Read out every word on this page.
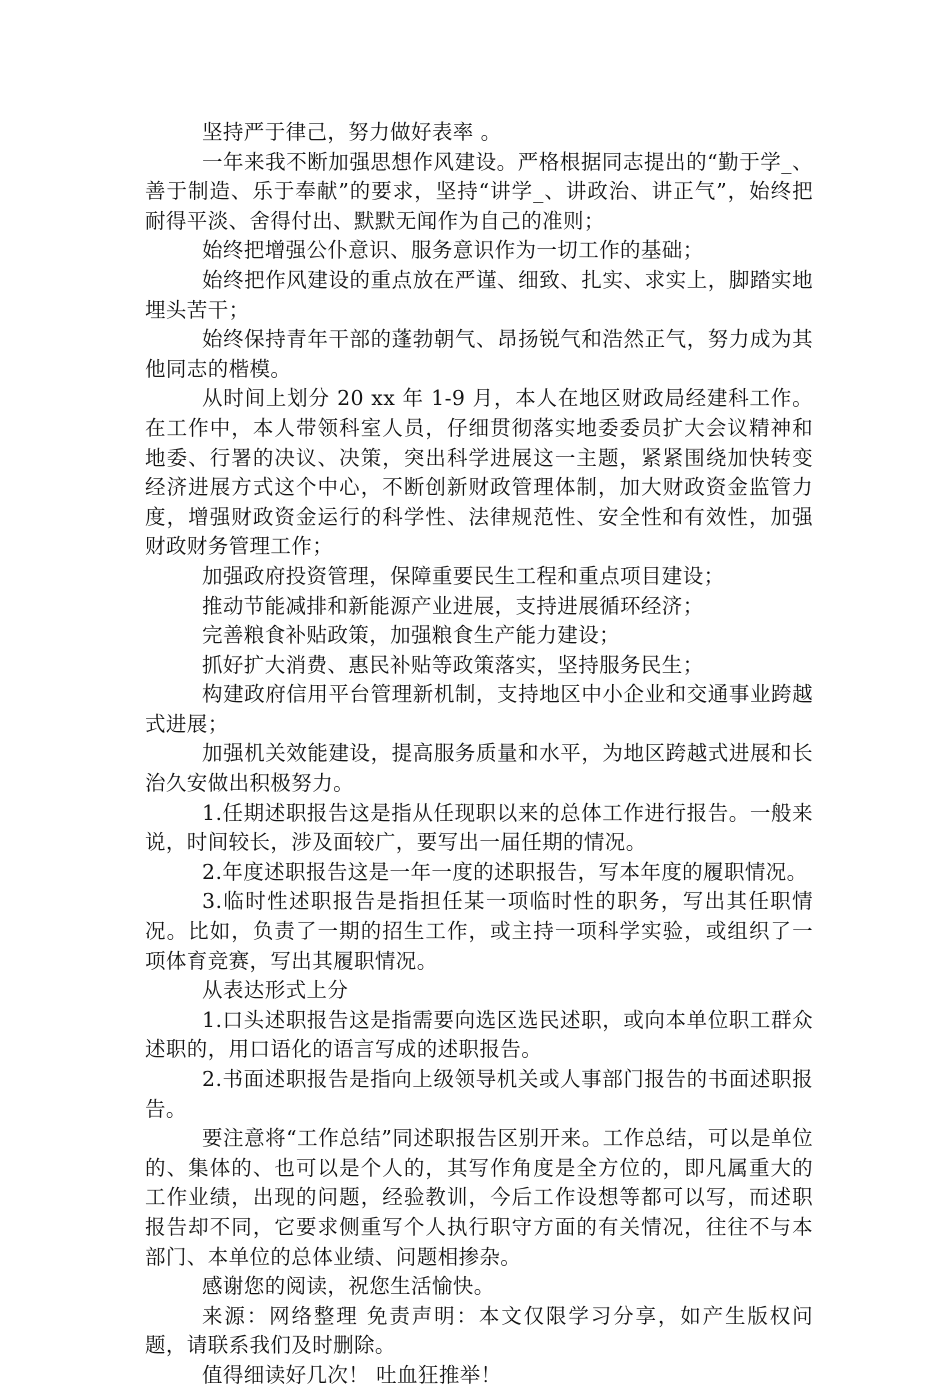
坚持严于律己，努力做好表率 。

一年来我不断加强思想作风建设。严格根据同志提出的“勤于学_、善于制造、乐于奉献”的要求，坚持“讲学_、讲政治、讲正气”，始终把耐得平淡、舍得付出、默默无闻作为自己的准则；

始终把增强公仆意识、服务意识作为一切工作的基础；

始终把作风建设的重点放在严谨、细致、扎实、求实上，脚踏实地埋头苦干；

始终保持青年干部的蓬勃朝气、昂扬锐气和浩然正气，努力成为其他同志的楷模。

从时间上划分 20 xx 年 1-9 月，本人在地区财政局经建科工作。在工作中，本人带领科室人员，仔细贯彻落实地委委员扩大会议精神和地委、行署的决议、决策，突出科学进展这一主题，紧紧围绕加快转变经济进展方式这个中心，不断创新财政管理体制，加大财政资金监管力度，增强财政资金运行的科学性、法律规范性、安全性和有效性，加强财政财务管理工作；

加强政府投资管理，保障重要民生工程和重点项目建设；

推动节能减排和新能源产业进展，支持进展循环经济；

完善粮食补贴政策，加强粮食生产能力建设；

抓好扩大消费、惠民补贴等政策落实，坚持服务民生；

构建政府信用平台管理新机制，支持地区中小企业和交通事业跨越式进展；

加强机关效能建设，提高服务质量和水平，为地区跨越式进展和长治久安做出积极努力。

1.任期述职报告这是指从任现职以来的总体工作进行报告。一般来说，时间较长，涉及面较广，要写出一届任期的情况。

2.年度述职报告这是一年一度的述职报告，写本年度的履职情况。

3.临时性述职报告是指担任某一项临时性的职务，写出其任职情况。比如，负责了一期的招生工作，或主持一项科学实验，或组织了一项体育竞赛，写出其履职情况。

从表达形式上分

1.口头述职报告这是指需要向选区选民述职，或向本单位职工群众述职的，用口语化的语言写成的述职报告。

2.书面述职报告是指向上级领导机关或人事部门报告的书面述职报告。

要注意将“工作总结”同述职报告区别开来。工作总结，可以是单位的、集体的、也可以是个人的，其写作角度是全方位的，即凡属重大的工作业绩，出现的问题，经验教训，今后工作设想等都可以写，而述职报告却不同，它要求侧重写个人执行职守方面的有关情况，往往不与本部门、本单位的总体业绩、问题相掺杂。

感谢您的阅读，祝您生活愉快。

来源：网络整理 免责声明：本文仅限学习分享，如产生版权问题，请联系我们及时删除。

值得细读好几次！ 吐血狂推举！
